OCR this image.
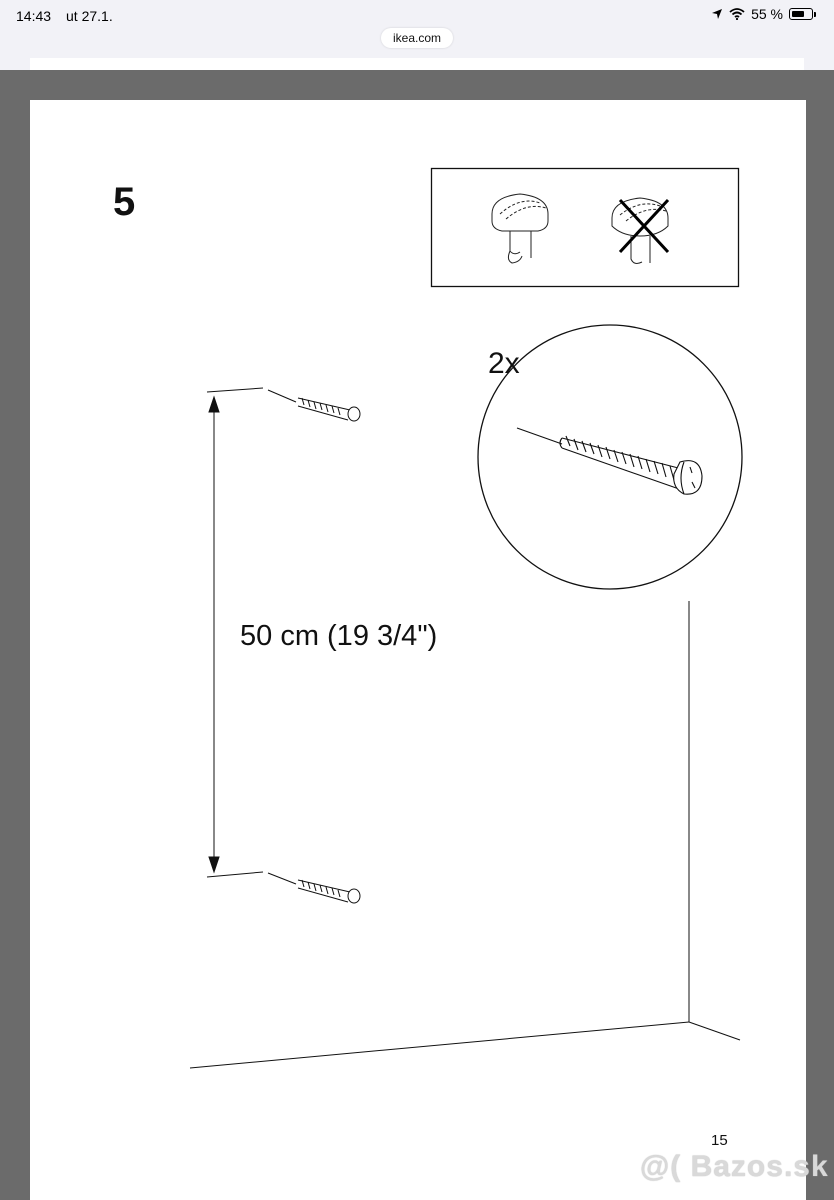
14:43 ut 27.1.	55 %
ikea.com
5
2x
50 cm (19 3/4")
15
@( Bazos.sk
